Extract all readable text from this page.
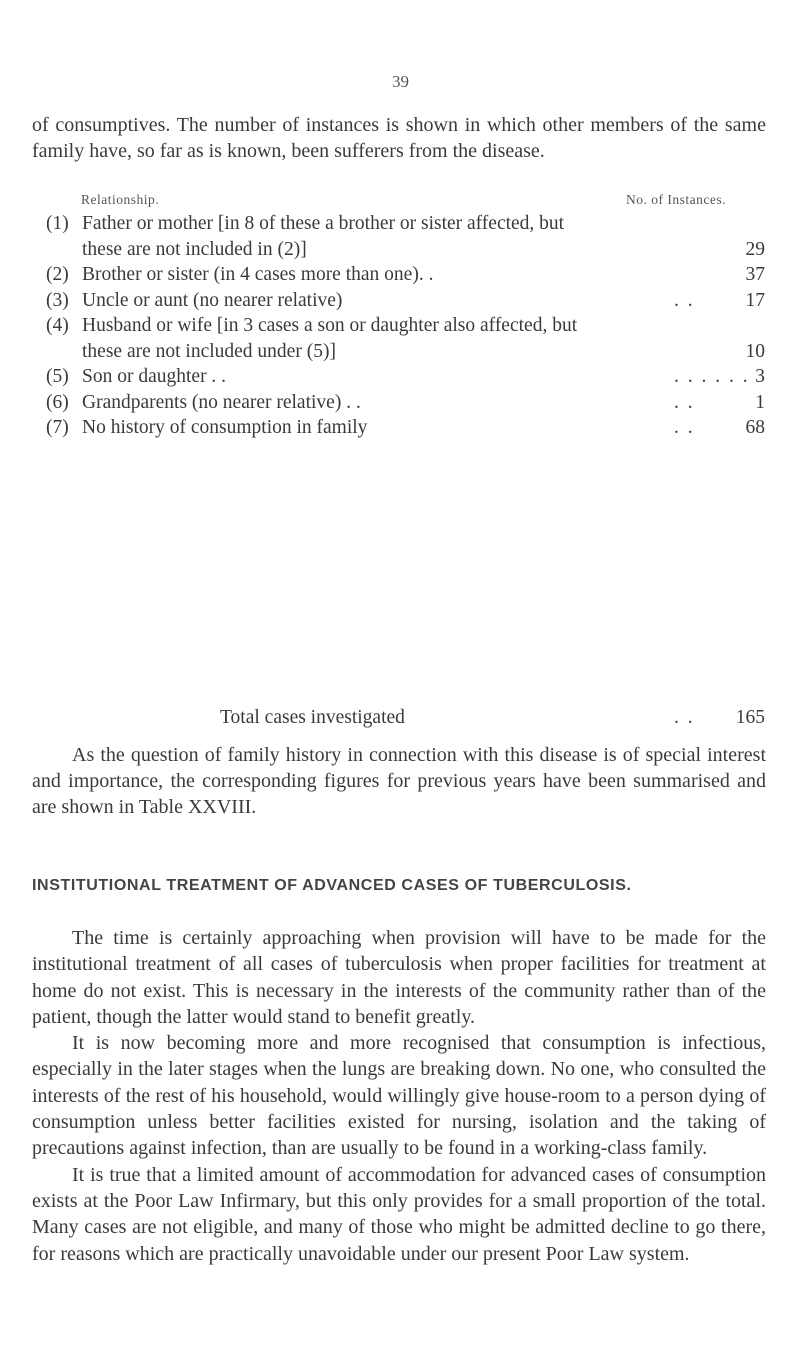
39
of consumptives. The number of instances is shown in which other members of the same family have, so far as is known, been sufferers from the disease.
Relationship.	No. of Instances.
(1) Father or mother [in 8 of these a brother or sister affected, but these are not included in (2)]	29
(2) Brother or sister (in 4 cases more than one). .	37
(3) Uncle or aunt (no nearer relative)	. .	17
(4) Husband or wife [in 3 cases a son or daughter also affected, but these are not included under (5)]	10
(5) Son or daughter . .	. . . . . . 3
(6) Grandparents (no nearer relative) . .	. .	1
(7) No history of consumption in family	. .	68
Total cases investigated	. .	165
As the question of family history in connection with this disease is of special interest and importance, the corresponding figures for previous years have been summarised and are shown in Table XXVIII.
INSTITUTIONAL TREATMENT OF ADVANCED CASES OF TUBERCULOSIS.

The time is certainly approaching when provision will have to be made for the institutional treatment of all cases of tuberculosis when proper facilities for treatment at home do not exist. This is necessary in the interests of the community rather than of the patient, though the latter would stand to benefit greatly.

It is now becoming more and more recognised that consumption is infectious, especially in the later stages when the lungs are breaking down. No one, who consulted the interests of the rest of his household, would willingly give house-room to a person dying of consumption unless better facilities existed for nursing, isolation and the taking of precautions against infection, than are usually to be found in a working-class family.

It is true that a limited amount of accommodation for advanced cases of consumption exists at the Poor Law Infirmary, but this only provides for a small proportion of the total. Many cases are not eligible, and many of those who might be admitted decline to go there, for reasons which are practically unavoidable under our present Poor Law system.
